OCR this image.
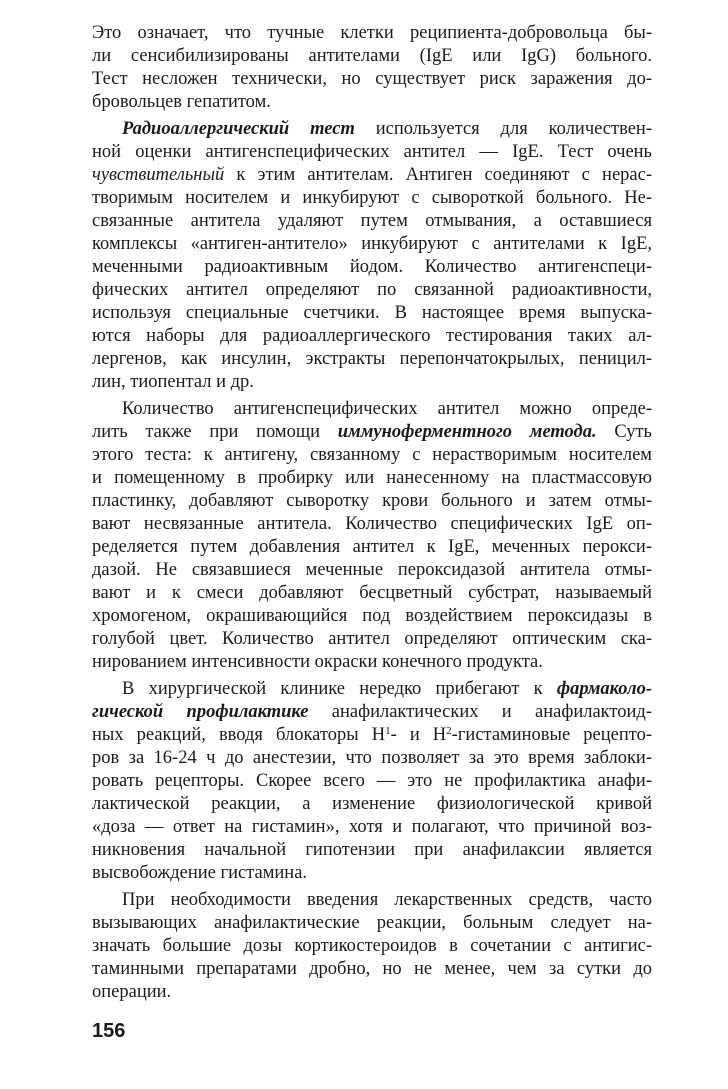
Это означает, что тучные клетки реципиента-добровольца бы-
ли сенсибилизированы антителами (IgE или IgG) больного.
Тест несложен технически, но существует риск заражения до-
бровольцев гепатитом.
Радиоаллергический тест используется для количествен-
ной оценки антигенспецифических антител — IgE. Тест очень
чувствительный к этим антителам. Антиген соединяют с нерас-
творимым носителем и инкубируют с сывороткой больного. Не-
связанные антитела удаляют путем отмывания, а оставшиеся
комплексы «антиген-антитело» инкубируют с антителами к IgE,
меченными радиоактивным йодом. Количество антигенспеци-
фических антител определяют по связанной радиоактивности,
используя специальные счетчики. В настоящее время выпуска-
ются наборы для радиоаллергического тестирования таких ал-
лергенов, как инсулин, экстракты перепончатокрылых, пеницил-
лин, тиопентал и др.
Количество антигенспецифических антител можно опреде-
лить также при помощи иммуноферментного метода. Суть
этого теста: к антигену, связанному с нерастворимым носителем
и помещенному в пробирку или нанесенному на пластмассовую
пластинку, добавляют сыворотку крови больного и затем отмы-
вают несвязанные антитела. Количество специфических IgE оп-
ределяется путем добавления антител к IgE, меченных перокси-
дазой. Не связавшиеся меченные пероксидазой антитела отмы-
вают и к смеси добавляют бесцветный субстрат, называемый
хромогеном, окрашивающийся под воздействием пероксидазы в
голубой цвет. Количество антител определяют оптическим ска-
нированием интенсивности окраски конечного продукта.
В хирургической клинике нередко прибегают к фармаколо-
гической профилактике анафилактических и анафилактоид-
ных реакций, вводя блокаторы $H^1-$ и $H^2$-гистаминовые рецепто-
ров за 16-24 ч до анестезии, что позволяет за это время заблоки-
ровать рецепторы. Скорее всего — это не профилактика анафи-
лактической реакции, а изменение физиологической кривой
«доза — ответ на гистамин», хотя и полагают, что причиной воз-
никновения начальной гипотензии при анафилаксии является
высвобождение гистамина.
При необходимости введения лекарственных средств, часто
вызывающих анафилактические реакции, больным следует на-
значать большие дозы кортикостероидов в сочетании с антигис-
таминными препаратами дробно, но не менее, чем за сутки до
операции.
156
